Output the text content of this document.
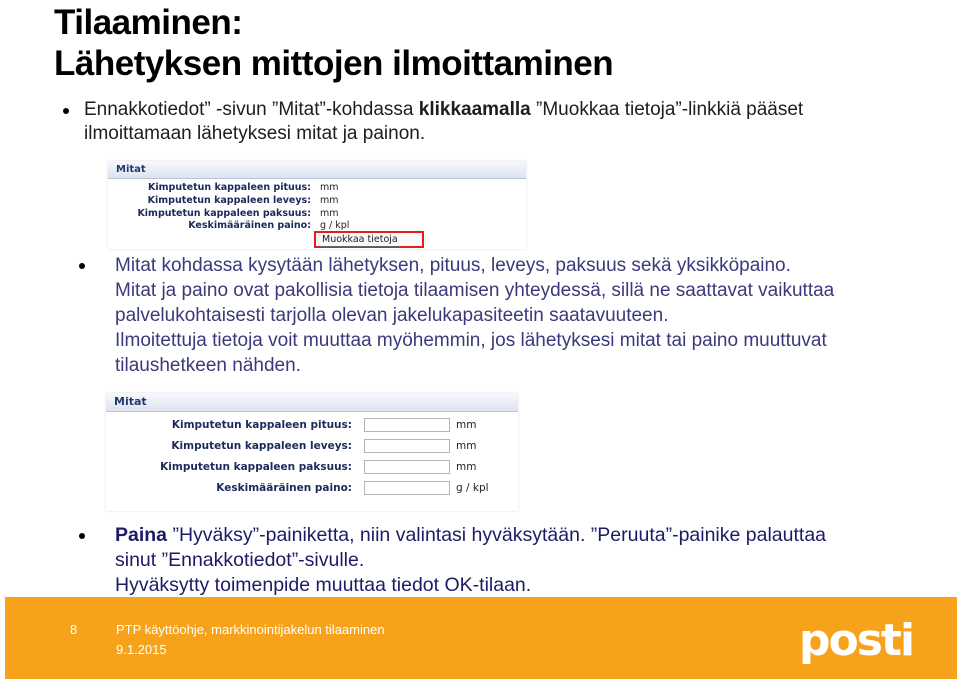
Tilaaminen:
Lähetyksen mittojen ilmoittaminen
Ennakkotiedot” -sivun ”Mitat”-kohdassa klikkaamalla ”Muokkaa tietoja”-linkkiä pääset
ilmoittamaan lähetyksesi mitat ja painon.
Mitat
Kimputetun kappaleen pituus: mm
Kimputetun kappaleen leveys: mm
Kimputetun kappaleen paksuus: mm
Keskimääräinen paino: g / kpl
Muokkaa tietoja
Mitat kohdassa kysytään lähetyksen, pituus, leveys, paksuus sekä yksikköpaino.
Mitat ja paino ovat pakollisia tietoja tilaamisen yhteydessä, sillä ne saattavat vaikuttaa
palvelukohtaisesti tarjolla olevan jakelukapasiteetin saatavuuteen.
Ilmoitettuja tietoja voit muuttaa myöhemmin, jos lähetyksesi mitat tai paino muuttuvat
tilaushetkeen nähden.
Mitat
Kimputetun kappaleen pituus:	mm
Kimputetun kappaleen leveys:	mm
Kimputetun kappaleen paksuus:	mm
Keskimääräinen paino:	g / kpl
Paina ”Hyväksy”-painiketta, niin valintasi hyväksytään. ”Peruuta”-painike palauttaa
sinut ”Ennakkotiedot”-sivulle.
Hyväksytty toimenpide muuttaa tiedot OK-tilaan.
8	PTP käyttöohje, markkinointijakelun tilaaminen
9.1.2015	posti
